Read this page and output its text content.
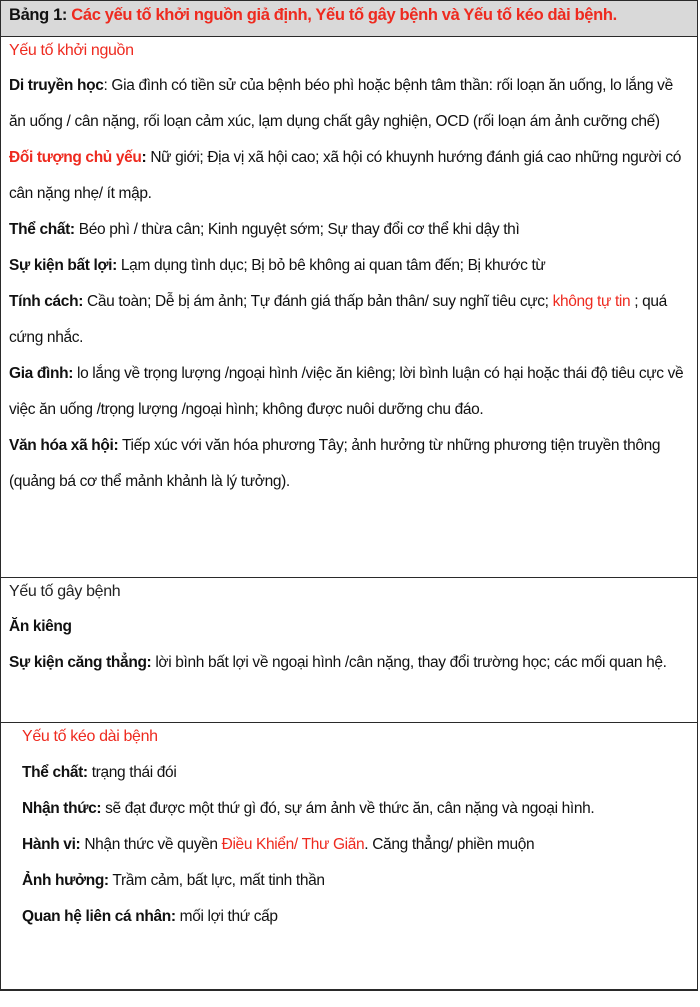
Bảng 1: Các yếu tố khởi nguồn giả định, Yếu tố gây bệnh và Yếu tố kéo dài bệnh.
Yếu tố khởi nguồn

Di truyền học: Gia đình có tiền sử của bệnh béo phì hoặc bệnh tâm thần: rối loạn ăn uống, lo lắng về ăn uống / cân nặng, rối loạn cảm xúc, lạm dụng chất gây nghiện, OCD (rối loạn ám ảnh cưỡng chế)

Đối tượng chủ yếu: Nữ giới; Địa vị xã hội cao; xã hội có khuynh hướng đánh giá cao những người có cân nặng nhẹ/ ít mập.

Thể chất: Béo phì / thừa cân; Kinh nguyệt sớm; Sự thay đổi cơ thể khi dậy thì

Sự kiện bất lợi: Lạm dụng tình dục; Bị bỏ bê không ai quan tâm đến; Bị khước từ

Tính cách: Cầu toàn; Dễ bị ám ảnh; Tự đánh giá thấp bản thân/ suy nghĩ tiêu cực; không tự tin ; quá cứng nhắc.

Gia đình: lo lắng về trọng lượng /ngoại hình /việc ăn kiêng; lời bình luận có hại hoặc thái độ tiêu cực về việc ăn uống /trọng lượng /ngoại hình; không được nuôi dưỡng chu đáo.

Văn hóa xã hội: Tiếp xúc với văn hóa phương Tây; ảnh hưởng từ những phương tiện truyền thông (quảng bá cơ thể mảnh khảnh là lý tưởng).

Yếu tố gây bệnh

Ăn kiêng

Sự kiện căng thẳng: lời bình bất lợi về ngoại hình /cân nặng, thay đổi trường học; các mối quan hệ.

Yếu tố kéo dài bệnh

Thể chất: trạng thái đói

Nhận thức: sẽ đạt được một thứ gì đó, sự ám ảnh về thức ăn, cân nặng và ngoại hình.

Hành vi: Nhận thức về quyền Điều Khiển/ Thư Giãn. Căng thẳng/ phiền muộn

Ảnh hưởng: Trầm cảm, bất lực, mất tinh thần

Quan hệ liên cá nhân: mối lợi thứ cấp
